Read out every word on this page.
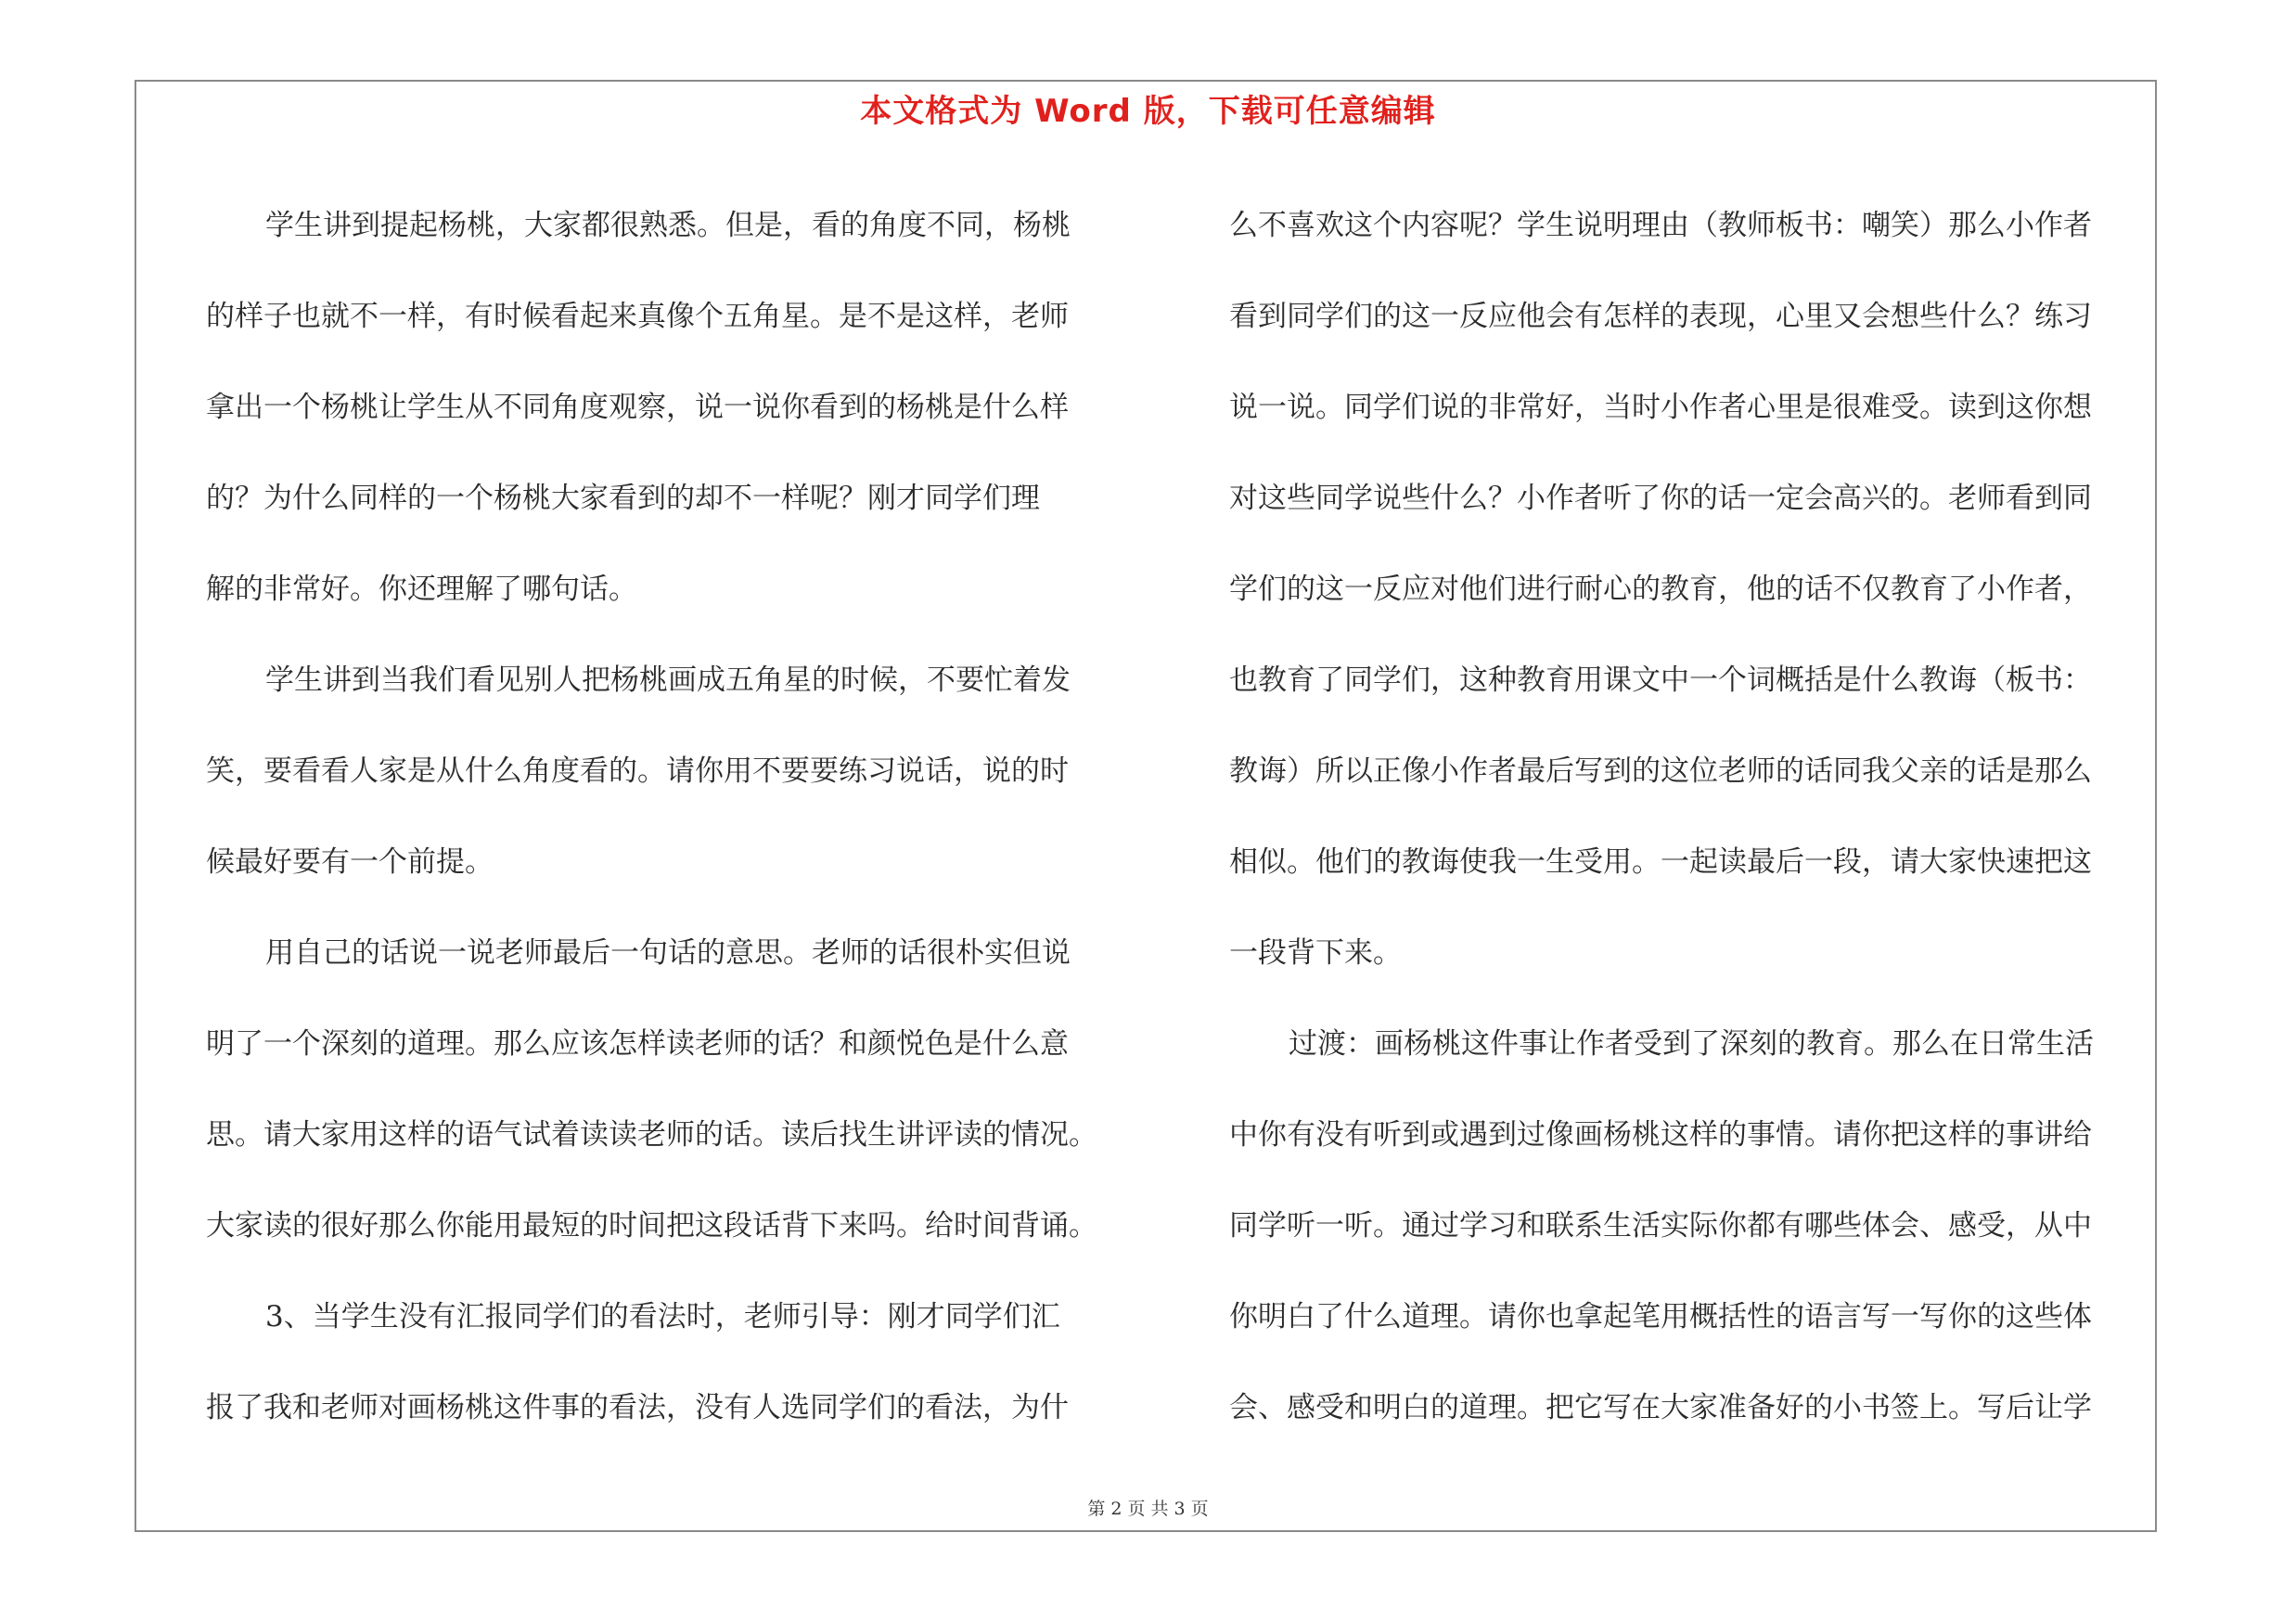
本文格式为 Word 版，下载可任意编辑
学生讲到提起杨桃，大家都很熟悉。但是，看的角度不同，杨桃
的样子也就不一样，有时候看起来真像个五角星。是不是这样，老师
拿出一个杨桃让学生从不同角度观察，说一说你看到的杨桃是什么样
的？为什么同样的一个杨桃大家看到的却不一样呢？刚才同学们理
解的非常好。你还理解了哪句话。
学生讲到当我们看见别人把杨桃画成五角星的时候，不要忙着发
笑，要看看人家是从什么角度看的。请你用不要要练习说话，说的时
候最好要有一个前提。
用自己的话说一说老师最后一句话的意思。老师的话很朴实但说
明了一个深刻的道理。那么应该怎样读老师的话？和颜悦色是什么意
思。请大家用这样的语气试着读读老师的话。读后找生讲评读的情况。
大家读的很好那么你能用最短的时间把这段话背下来吗。给时间背诵。
3、当学生没有汇报同学们的看法时，老师引导：刚才同学们汇
报了我和老师对画杨桃这件事的看法，没有人选同学们的看法，为什
么不喜欢这个内容呢？学生说明理由（教师板书：嘲笑）那么小作者
看到同学们的这一反应他会有怎样的表现，心里又会想些什么？练习
说一说。同学们说的非常好，当时小作者心里是很难受。读到这你想
对这些同学说些什么？小作者听了你的话一定会高兴的。老师看到同
学们的这一反应对他们进行耐心的教育，他的话不仅教育了小作者，
也教育了同学们，这种教育用课文中一个词概括是什么教诲（板书：
教诲）所以正像小作者最后写到的这位老师的话同我父亲的话是那么
相似。他们的教诲使我一生受用。一起读最后一段，请大家快速把这
一段背下来。
过渡：画杨桃这件事让作者受到了深刻的教育。那么在日常生活
中你有没有听到或遇到过像画杨桃这样的事情。请你把这样的事讲给
同学听一听。通过学习和联系生活实际你都有哪些体会、感受，从中
你明白了什么道理。请你也拿起笔用概括性的语言写一写你的这些体
会、感受和明白的道理。把它写在大家准备好的小书签上。写后让学
第 2 页 共 3 页
